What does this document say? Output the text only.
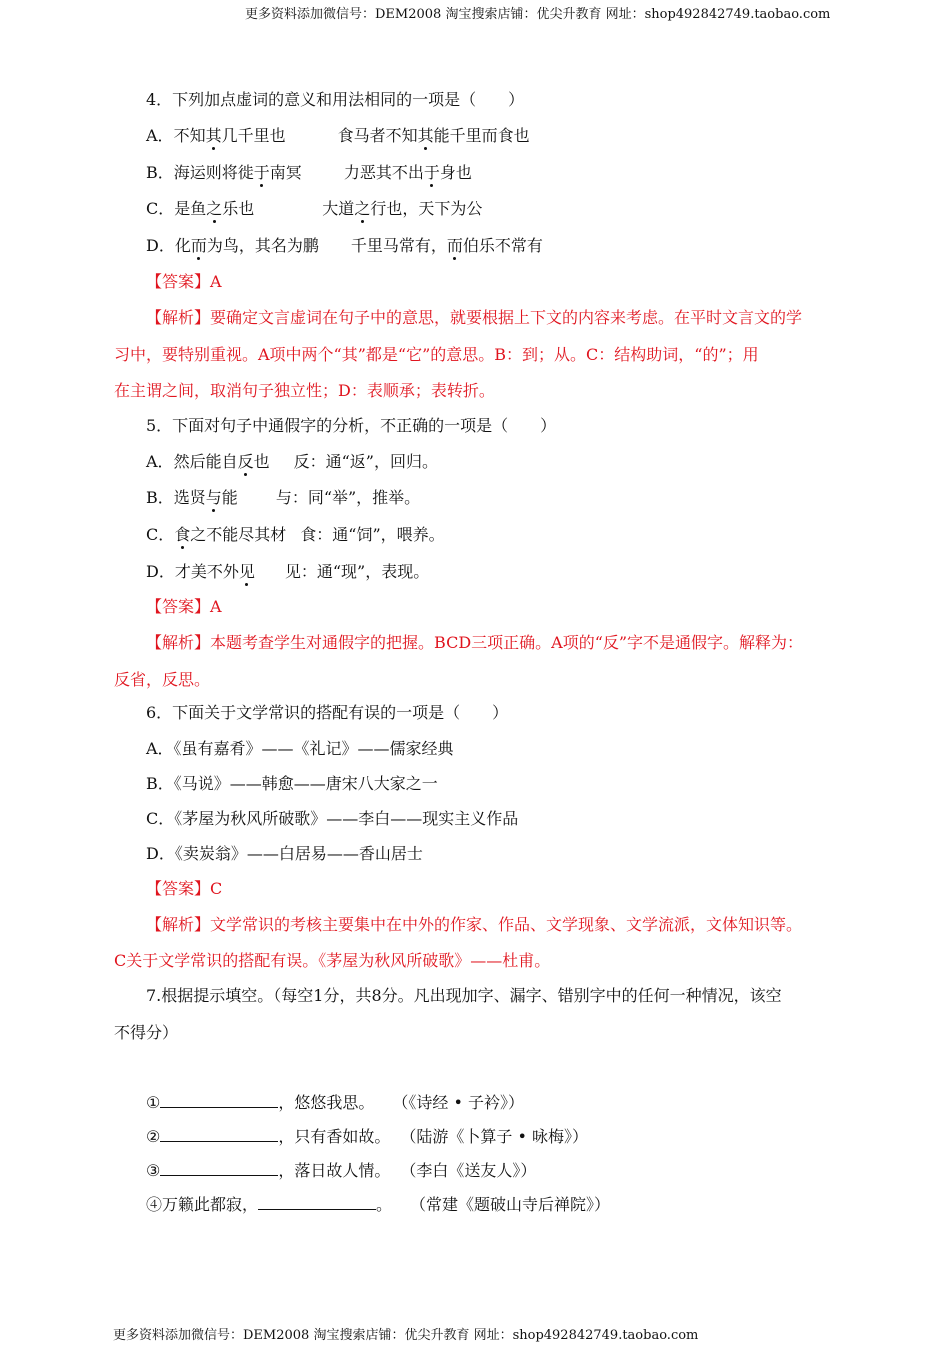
更多资料添加微信号：DEM2008 淘宝搜索店铺：优尖升教育 网址：shop492842749.taobao.com
更多资料添加微信号：DEM2008 淘宝搜索店铺：优尖升教育 网址：shop492842749.taobao.com
4．下列加点虚词的意义和用法相同的一项是（　　）
A．不知其几千里也	食马者不知其能千里而食也
B．海运则将徙于南冥	力恶其不出于身也
C．是鱼之乐也	大道之行也，天下为公
D．化而为鸟，其名为鹏 千里马常有，而伯乐不常有
【答案】A
【解析】要确定文言虚词在句子中的意思，就要根据上下文的内容来考虑。在平时文言文的学
习中，要特别重视。A项中两个“其”都是“它”的意思。B：到；从。C：结构助词，“的”；用
在主谓之间，取消句子独立性；D：表顺承；表转折。
5．下面对句子中通假字的分析，不正确的一项是（　　）
A．然后能自反也 反：通“返”，回归。
B．选贤与能 与：同“举”，推举。
C．食之不能尽其材 食：通“饲”，喂养。
D．才美不外见 见：通“现”，表现。
【答案】A
【解析】本题考查学生对通假字的把握。BCD三项正确。A项的“反”字不是通假字。解释为：
反省，反思。
6．下面关于文学常识的搭配有误的一项是（　　）
A．《虽有嘉肴》——《礼记》——儒家经典
B．《马说》——韩愈——唐宋八大家之一
C．《茅屋为秋风所破歌》——李白——现实主义作品
D．《卖炭翁》——白居易——香山居士
【答案】C
【解析】文学常识的考核主要集中在中外的作家、作品、文学现象、文学流派，文体知识等。
C关于文学常识的搭配有误。《茅屋为秋风所破歌》——杜甫。
7.根据提示填空。（每空1分，共8分。凡出现加字、漏字、错别字中的任何一种情况，该空
不得分）
①	，悠悠我思。 （《诗经 • 子衿》）
②	，只有香如故。 （陆游《卜算子 • 咏梅》）
③	，落日故人情。 （李白《送友人》）
④万籁此都寂，	。 （常建《题破山寺后禅院》）
